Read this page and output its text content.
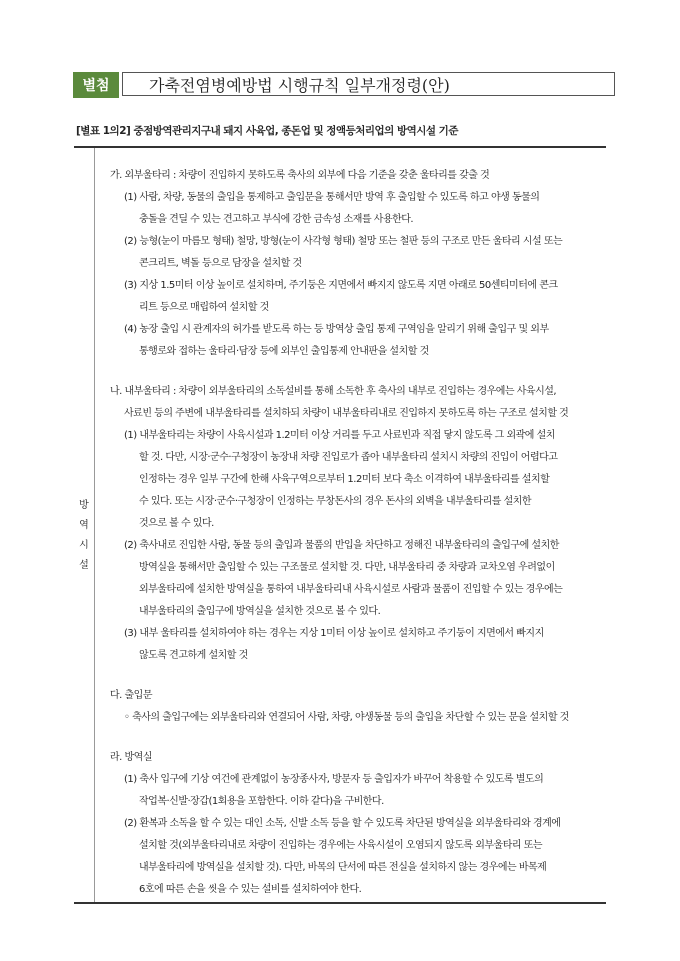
별첨	가축전염병예방법 시행규칙 일부개정령(안)
[별표 1의2] 중점방역관리지구내 돼지 사육업, 종돈업 및 정액등처리업의 방역시설 기준
방
역
시
설
가. 외부울타리 : 차량이 진입하지 못하도록 축사의 외부에 다음 기준을 갖춘 울타리를 갖출 것
(1) 사람, 차량, 동물의 출입을 통제하고 출입문을 통해서만 방역 후 출입할 수 있도록 하고 야생 동물의
충돌을 견딜 수 있는 견고하고 부식에 강한 금속성 소재를 사용한다.
(2) 능형(눈이 마름모 형태) 철망, 방형(눈이 사각형 형태) 철망 또는 철판 등의 구조로 만든 울타리 시설 또는
콘크리트, 벽돌 등으로 담장을 설치할 것
(3) 지상 1.5미터 이상 높이로 설치하며, 주기둥은 지면에서 빠지지 않도록 지면 아래로 50센티미터에 콘크
리트 등으로 매립하여 설치할 것
(4) 농장 출입 시 관계자의 허가를 받도록 하는 등 방역상 출입 통제 구역임을 알리기 위해 출입구 및 외부
통행로와 접하는 울타리·담장 등에 외부인 출입통제 안내판을 설치할 것
나. 내부울타리 : 차량이 외부울타리의 소독설비를 통해 소독한 후 축사의 내부로 진입하는 경우에는 사육시설,
사료빈 등의 주변에 내부울타리를 설치하되 차량이 내부울타리내로 진입하지 못하도록 하는 구조로 설치할 것
(1) 내부울타리는 차량이 사육시설과 1.2미터 이상 거리를 두고 사료빈과 직접 닿지 않도록 그 외곽에 설치
할 것. 다만, 시장·군수·구청장이 농장내 차량 진입로가 좁아 내부울타리 설치시 차량의 진입이 어렵다고
인정하는 경우 일부 구간에 한해 사육구역으로부터 1.2미터 보다 축소 이격하여 내부울타리를 설치할
수 있다. 또는 시장·군수·구청장이 인정하는 무창돈사의 경우 돈사의 외벽을 내부울타리를 설치한
것으로 볼 수 있다.
(2) 축사내로 진입한 사람, 동물 등의 출입과 물품의 반입을 차단하고 정해진 내부울타리의 출입구에 설치한
방역실을 통해서만 출입할 수 있는 구조물로 설치할 것. 다만, 내부울타리 중 차량과 교차오염 우려없이
외부울타리에 설치한 방역실을 통하여 내부울타리내 사육시설로 사람과 물품이 진입할 수 있는 경우에는
내부울타리의 출입구에 방역실을 설치한 것으로 볼 수 있다.
(3) 내부 울타리를 설치하여야 하는 경우는 지상 1미터 이상 높이로 설치하고 주기둥이 지면에서 빠지지
않도록 견고하게 설치할 것
다. 출입문
◦ 축사의 출입구에는 외부울타리와 연결되어 사람, 차량, 야생동물 등의 출입을 차단할 수 있는 문을 설치할 것
라. 방역실
(1) 축사 입구에 기상 여건에 관계없이 농장종사자, 방문자 등 출입자가 바꾸어 착용할 수 있도록 별도의
작업복·신발·장갑(1회용을 포함한다. 이하 같다)을 구비한다.
(2) 환복과 소독을 할 수 있는 대인 소독, 신발 소독 등을 할 수 있도록 차단된 방역실을 외부울타리와 경계에
설치할 것(외부울타리내로 차량이 진입하는 경우에는 사육시설이 오염되지 않도록 외부울타리 또는
내부울타리에 방역실을 설치할 것). 다만, 바목의 단서에 따른 전실을 설치하지 않는 경우에는 바목제
6호에 따른 손을 씻을 수 있는 설비를 설치하여야 한다.
